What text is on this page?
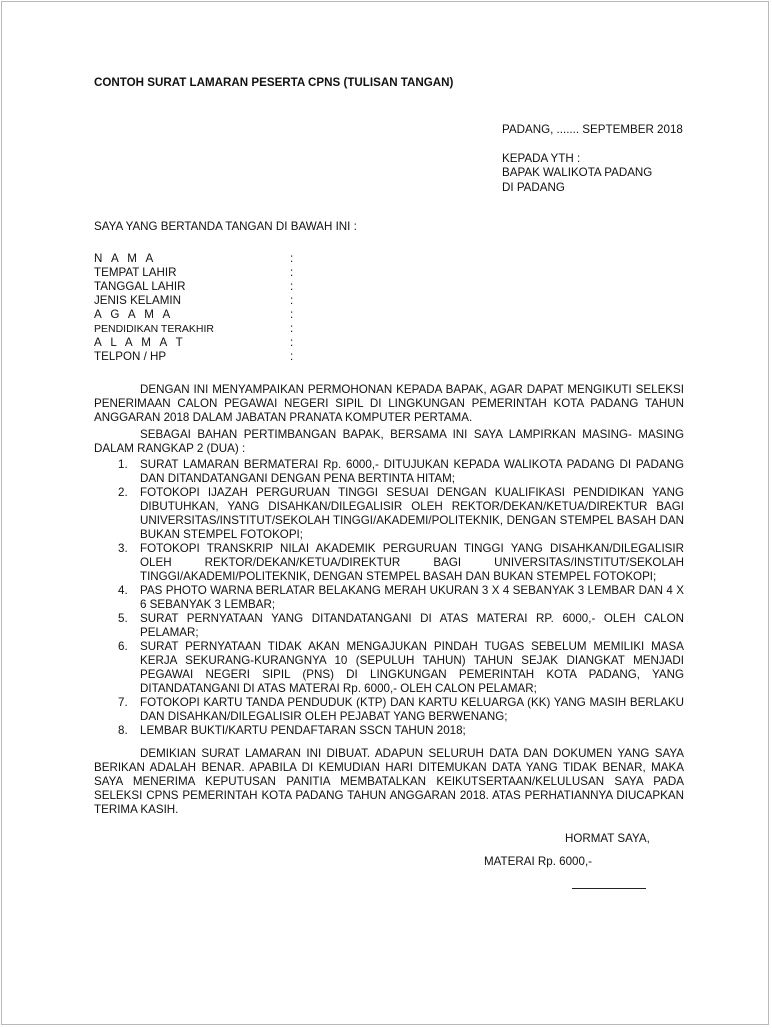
CONTOH SURAT LAMARAN PESERTA CPNS (TULISAN TANGAN)
PADANG, ....... SEPTEMBER 2018
KEPADA YTH :
BAPAK WALIKOTA PADANG
DI PADANG
SAYA YANG BERTANDA TANGAN DI BAWAH INI :
N A M A	:
TEMPAT LAHIR	:
TANGGAL LAHIR	:
JENIS KELAMIN	:
A G A M A	:
PENDIDIKAN TERAKHIR	:
A L A M A T	:
TELPON / HP	:
DENGAN INI MENYAMPAIKAN PERMOHONAN KEPADA BAPAK, AGAR DAPAT MENGIKUTI SELEKSI PENERIMAAN CALON PEGAWAI NEGERI SIPIL DI LINGKUNGAN PEMERINTAH KOTA PADANG TAHUN ANGGARAN 2018 DALAM JABATAN PRANATA KOMPUTER PERTAMA.
SEBAGAI BAHAN PERTIMBANGAN BAPAK, BERSAMA INI SAYA LAMPIRKAN MASING- MASING DALAM RANGKAP 2 (DUA) :
1. SURAT LAMARAN BERMATERAI Rp. 6000,- DITUJUKAN KEPADA WALIKOTA PADANG DI PADANG DAN DITANDATANGANI DENGAN PENA BERTINTA HITAM;
2. FOTOKOPI IJAZAH PERGURUAN TINGGI SESUAI DENGAN KUALIFIKASI PENDIDIKAN YANG DIBUTUHKAN, YANG DISAHKAN/DILEGALISIR OLEH REKTOR/DEKAN/KETUA/DIREKTUR BAGI UNIVERSITAS/INSTITUT/SEKOLAH TINGGI/AKADEMI/POLITEKNIK, DENGAN STEMPEL BASAH DAN BUKAN STEMPEL FOTOKOPI;
3. FOTOKOPI TRANSKRIP NILAI AKADEMIK PERGURUAN TINGGI YANG DISAHKAN/DILEGALISIR OLEH REKTOR/DEKAN/KETUA/DIREKTUR BAGI UNIVERSITAS/INSTITUT/SEKOLAH TINGGI/AKADEMI/POLITEKNIK, DENGAN STEMPEL BASAH DAN BUKAN STEMPEL FOTOKOPI;
4. PAS PHOTO WARNA BERLATAR BELAKANG MERAH UKURAN 3 X 4 SEBANYAK 3 LEMBAR DAN 4 X 6 SEBANYAK 3 LEMBAR;
5. SURAT PERNYATAAN YANG DITANDATANGANI DI ATAS MATERAI RP. 6000,- OLEH CALON PELAMAR;
6. SURAT PERNYATAAN TIDAK AKAN MENGAJUKAN PINDAH TUGAS SEBELUM MEMILIKI MASA KERJA SEKURANG-KURANGNYA 10 (SEPULUH TAHUN) TAHUN SEJAK DIANGKAT MENJADI PEGAWAI NEGERI SIPIL (PNS) DI LINGKUNGAN PEMERINTAH KOTA PADANG, YANG DITANDATANGANI DI ATAS MATERAI Rp. 6000,- OLEH CALON PELAMAR;
7. FOTOKOPI KARTU TANDA PENDUDUK (KTP) DAN KARTU KELUARGA (KK) YANG MASIH BERLAKU DAN DISAHKAN/DILEGALISIR OLEH PEJABAT YANG BERWENANG;
8. LEMBAR BUKTI/KARTU PENDAFTARAN SSCN TAHUN 2018;
DEMIKIAN SURAT LAMARAN INI DIBUAT. ADAPUN SELURUH DATA DAN DOKUMEN YANG SAYA BERIKAN ADALAH BENAR. APABILA DI KEMUDIAN HARI DITEMUKAN DATA YANG TIDAK BENAR, MAKA SAYA MENERIMA KEPUTUSAN PANITIA MEMBATALKAN KEIKUTSERTAAN/KELULUSAN SAYA PADA SELEKSI CPNS PEMERINTAH KOTA PADANG TAHUN ANGGARAN 2018. ATAS PERHATIANNYA DIUCAPKAN TERIMA KASIH.
HORMAT SAYA,
MATERAI Rp. 6000,-
